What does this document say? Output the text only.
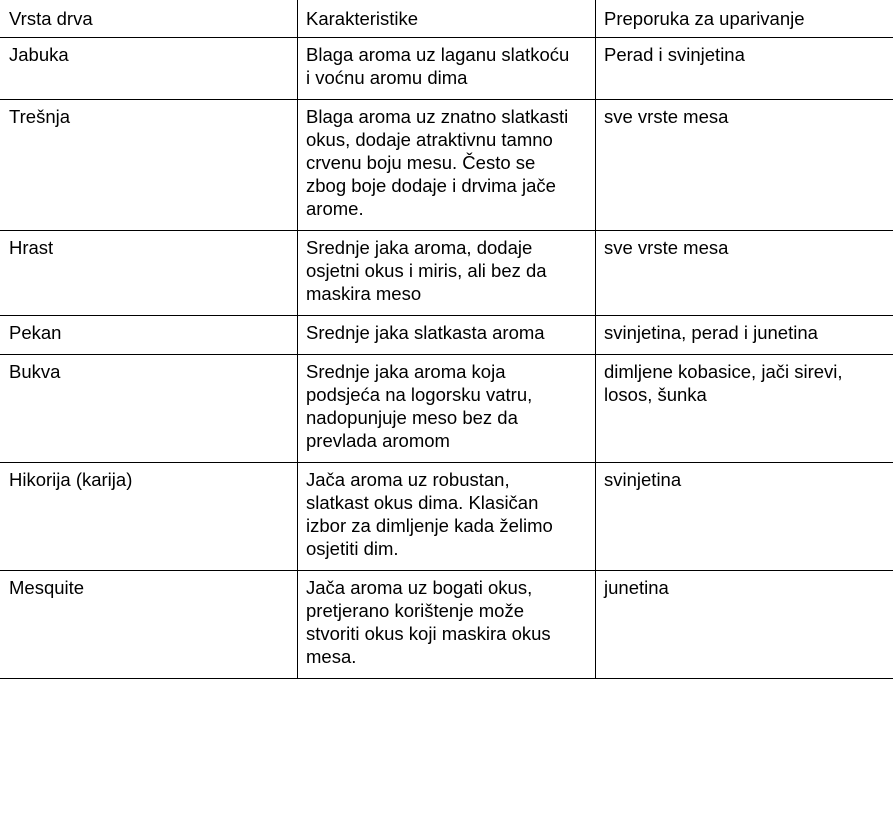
Vrsta drva	Karakteristike	Preporuka za uparivanje
Jabuka	Blaga aroma uz laganu slatkoću i voćnu aromu dima	Perad i svinjetina
Trešnja	Blaga aroma uz znatno slatkasti okus, dodaje atraktivnu tamno crvenu boju mesu. Često se zbog boje dodaje i drvima jače arome.	sve vrste mesa
Hrast	Srednje jaka aroma, dodaje osjetni okus i miris, ali bez da maskira meso	sve vrste mesa
Pekan	Srednje jaka slatkasta aroma	svinjetina, perad i junetina
Bukva	Srednje jaka aroma koja podsjeća na logorsku vatru, nadopunjuje meso bez da prevlada aromom	dimljene kobasice, jači sirevi, losos, šunka
Hikorija (karija)	Jača aroma uz robustan, slatkast okus dima. Klasičan izbor za dimljenje kada želimo osjetiti dim.	svinjetina
Mesquite	Jača aroma uz bogati okus, pretjerano korištenje može stvoriti okus koji maskira okus mesa.	junetina
